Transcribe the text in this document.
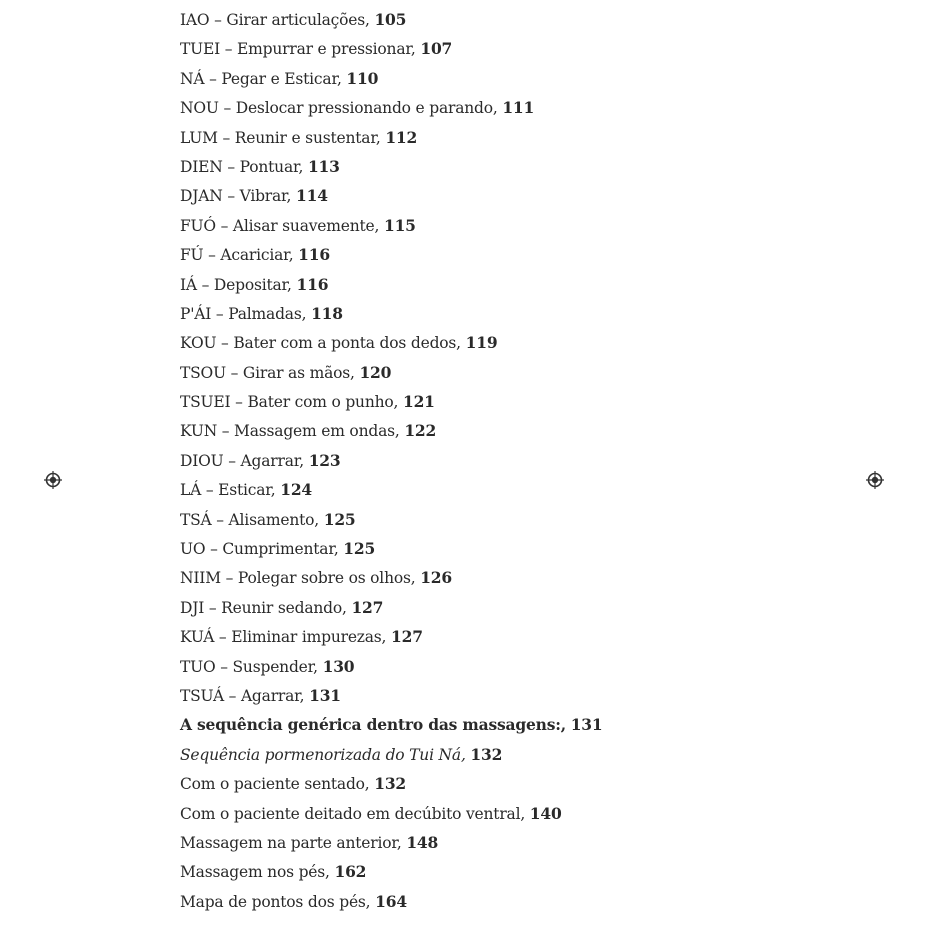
IAO – Girar articulações, 105
TUEI – Empurrar e pressionar, 107
NÁ – Pegar e Esticar, 110
NOU – Deslocar pressionando e parando, 111
LUM – Reunir e sustentar, 112
DIEN – Pontuar, 113
DJAN – Vibrar, 114
FUÓ – Alisar suavemente, 115
FÚ – Acariciar, 116
IÁ – Depositar, 116
P'ÁI – Palmadas, 118
KOU – Bater com a ponta dos dedos, 119
TSOU – Girar as mãos, 120
TSUEI – Bater com o punho, 121
KUN – Massagem em ondas, 122
DIOU – Agarrar, 123
LÁ – Esticar, 124
TSÁ – Alisamento, 125
UO – Cumprimentar, 125
NIIM – Polegar sobre os olhos, 126
DJI – Reunir sedando, 127
KUÁ – Eliminar impurezas, 127
TUO – Suspender, 130
TSUÁ – Agarrar, 131
A sequência genérica dentro das massagens:, 131
Sequência pormenorizada do Tui Ná, 132
Com o paciente sentado, 132
Com o paciente deitado em decúbito ventral, 140
Massagem na parte anterior, 148
Massagem nos pés, 162
Mapa de pontos dos pés, 164
